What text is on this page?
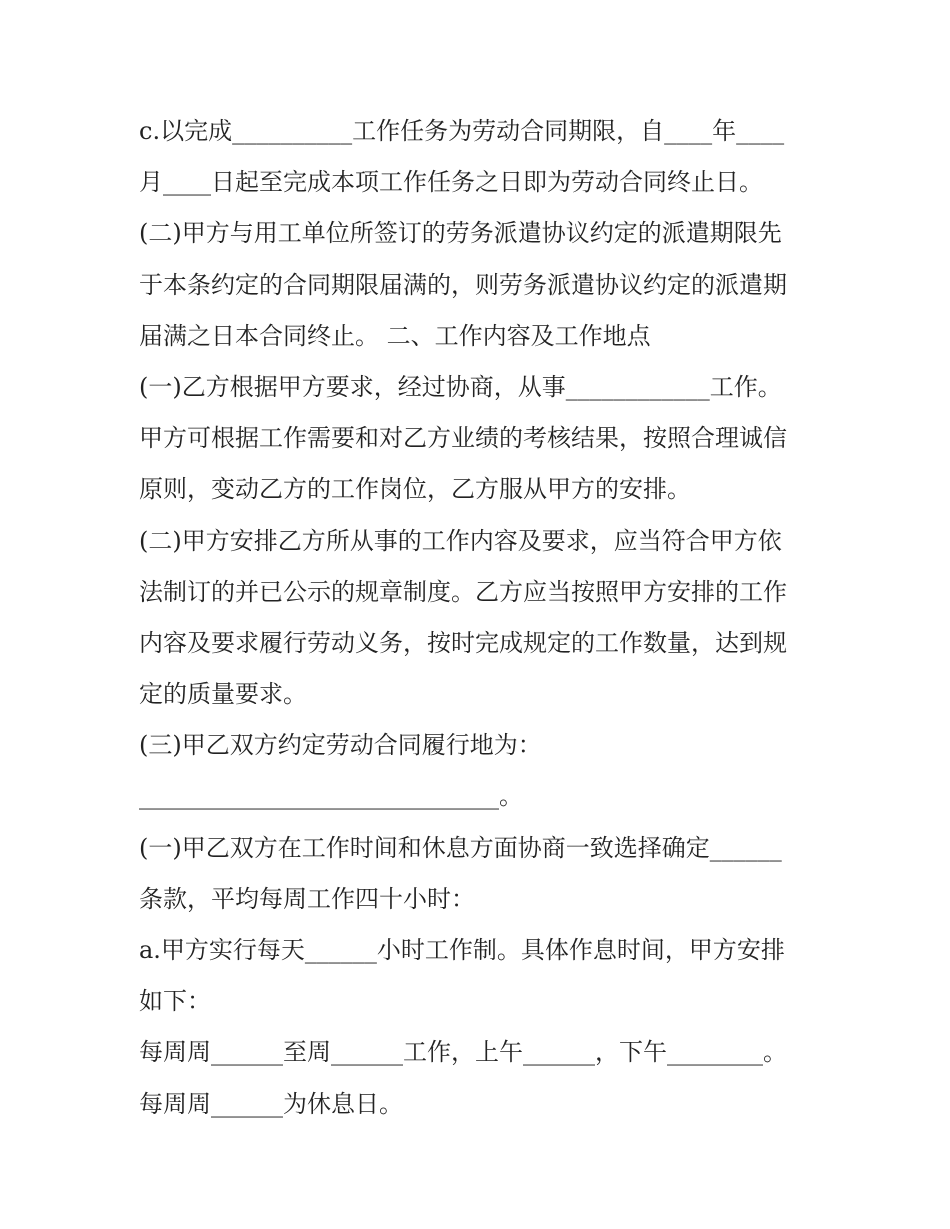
c.以完成__________工作任务为劳动合同期限，自____年____
月____日起至完成本项工作任务之日即为劳动合同终止日。
(二)甲方与用工单位所签订的劳务派遣协议约定的派遣期限先
于本条约定的合同期限届满的，则劳务派遣协议约定的派遣期
届满之日本合同终止。 二、工作内容及工作地点
(一)乙方根据甲方要求，经过协商，从事____________工作。
甲方可根据工作需要和对乙方业绩的考核结果，按照合理诚信
原则，变动乙方的工作岗位，乙方服从甲方的安排。
(二)甲方安排乙方所从事的工作内容及要求，应当符合甲方依
法制订的并已公示的规章制度。乙方应当按照甲方安排的工作
内容及要求履行劳动义务，按时完成规定的工作数量，达到规
定的质量要求。
(三)甲乙双方约定劳动合同履行地为：
______________________________。
(一)甲乙双方在工作时间和休息方面协商一致选择确定______
条款，平均每周工作四十小时：
a.甲方实行每天______小时工作制。具体作息时间，甲方安排
如下：
每周周______至周______工作，上午______，下午________。
每周周______为休息日。
